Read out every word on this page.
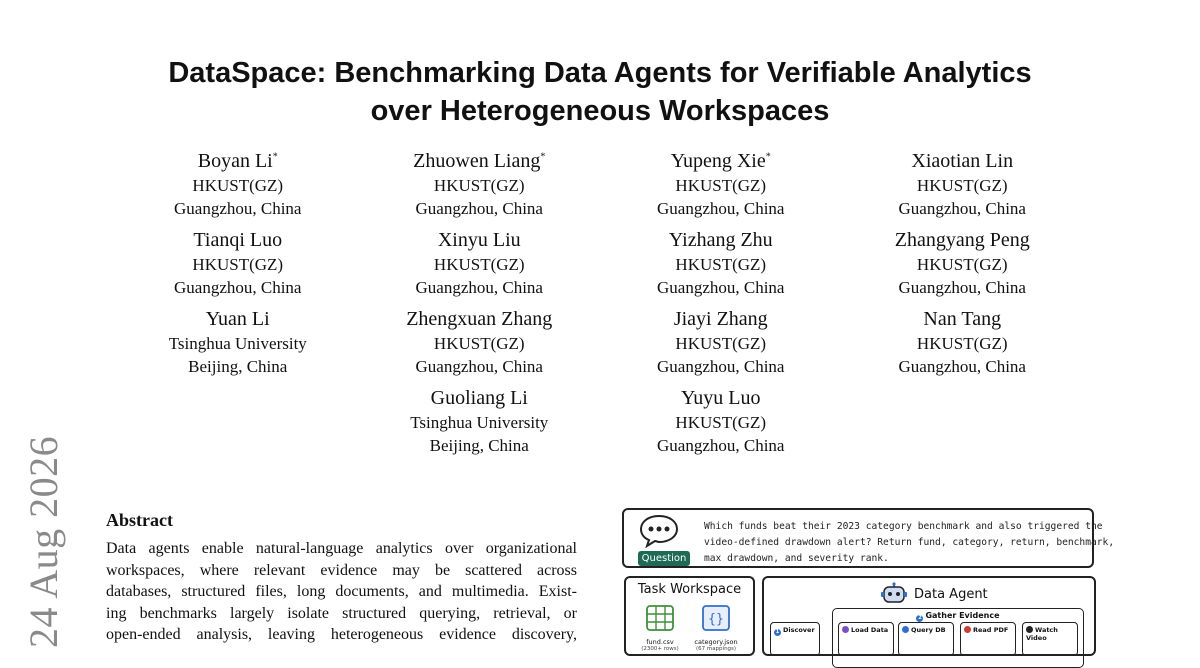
24 Aug 2026
DataSpace: Benchmarking Data Agents for Verifiable Analytics
over Heterogeneous Workspaces
Boyan Li*
HKUST(GZ)
Guangzhou, China
Zhuowen Liang*
HKUST(GZ)
Guangzhou, China
Yupeng Xie*
HKUST(GZ)
Guangzhou, China
Xiaotian Lin
HKUST(GZ)
Guangzhou, China
Tianqi Luo
HKUST(GZ)
Guangzhou, China
Xinyu Liu
HKUST(GZ)
Guangzhou, China
Yizhang Zhu
HKUST(GZ)
Guangzhou, China
Zhangyang Peng
HKUST(GZ)
Guangzhou, China
Yuan Li
Tsinghua University
Beijing, China
Zhengxuan Zhang
HKUST(GZ)
Guangzhou, China
Jiayi Zhang
HKUST(GZ)
Guangzhou, China
Nan Tang
HKUST(GZ)
Guangzhou, China
Guoliang Li
Tsinghua University
Beijing, China
Yuyu Luo
HKUST(GZ)
Guangzhou, China
Abstract
Data agents enable natural-language analytics over organizational
workspaces, where relevant evidence may be scattered across
databases, structured files, long documents, and multimedia. Exist-
ing benchmarks largely isolate structured querying, retrieval, or
open-ended analysis, leaving heterogeneous evidence discovery,
Question
Which funds beat their 2023 category benchmark and also triggered the
video-defined drawdown alert? Return fund, category, return, benchmark,
max drawdown, and severity rank.
Task Workspace
fund.csv
(2300+ rows)
{}
category.json
(67 mappings)
Data Agent
1 Discover
2 Gather Evidence
Load Data	Query DB	Read PDF	Watch Video
